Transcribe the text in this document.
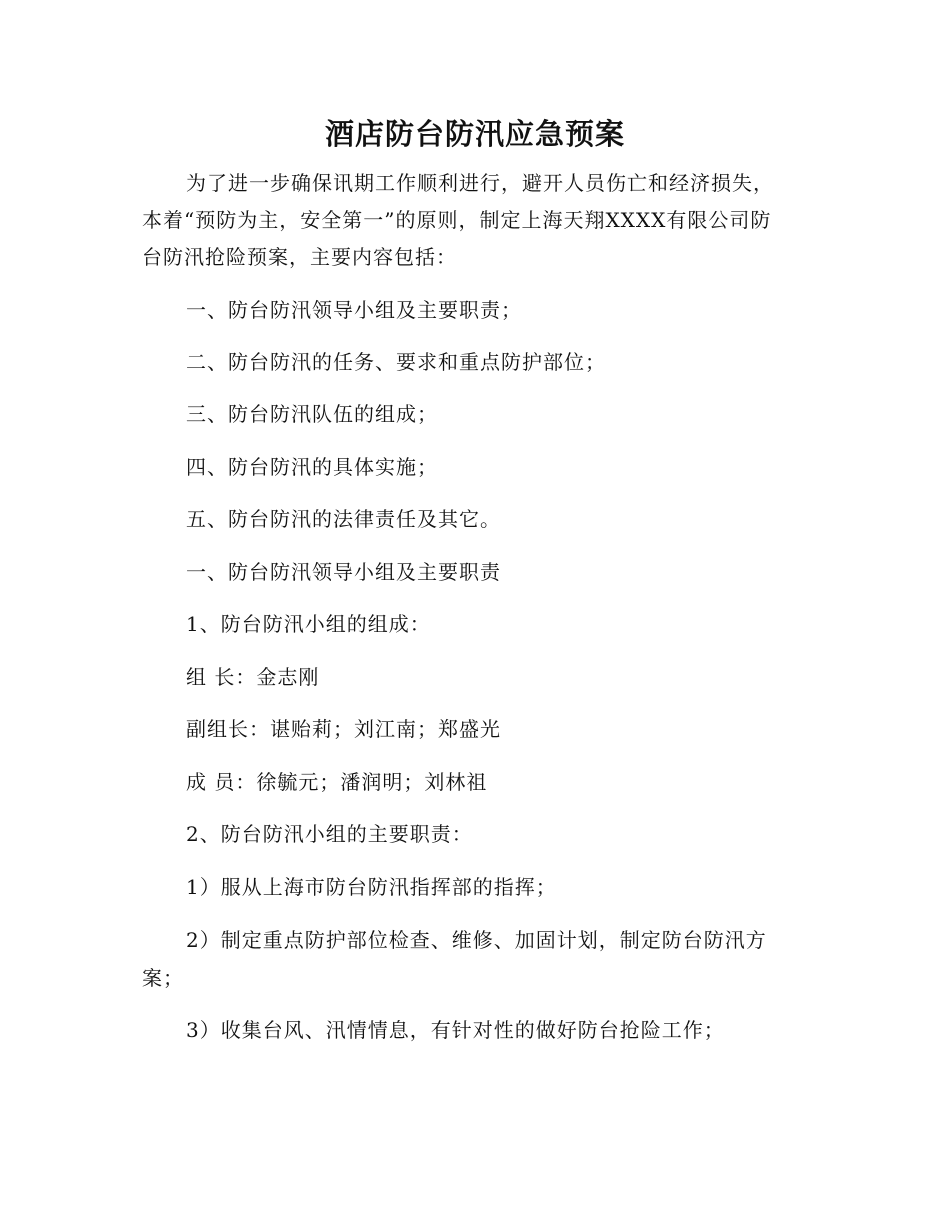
酒店防台防汛应急预案
为了进一步确保讯期工作顺利进行，避开人员伤亡和经济损失，
本着“预防为主，安全第一”的原则，制定上海天翔XXXX有限公司防
台防汛抢险预案，主要内容包括：
一、防台防汛领导小组及主要职责；
二、防台防汛的任务、要求和重点防护部位；
三、防台防汛队伍的组成；
四、防台防汛的具体实施；
五、防台防汛的法律责任及其它。
一、防台防汛领导小组及主要职责
1、防台防汛小组的组成：
组 长：金志刚
副组长：谌贻莉；刘江南；郑盛光
成 员：徐毓元；潘润明；刘林祖
2、防台防汛小组的主要职责：
1）服从上海市防台防汛指挥部的指挥；
2）制定重点防护部位检查、维修、加固计划，制定防台防汛方
案；
3）收集台风、汛情情息，有针对性的做好防台抢险工作；
